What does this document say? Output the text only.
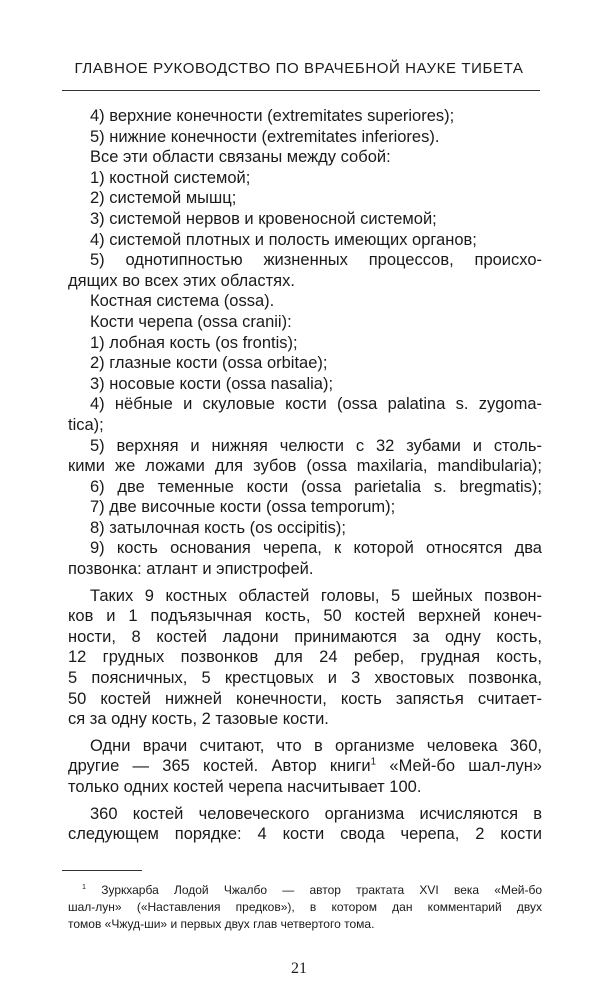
ГЛАВНОЕ РУКОВОДСТВО ПО ВРАЧЕБНОЙ НАУКЕ ТИБЕТА
4) верхние конечности (extremitates superiores);
5) нижние конечности (extremitates inferiores).
Все эти области связаны между собой:
1) костной системой;
2) системой мышц;
3) системой нервов и кровеносной системой;
4) системой плотных и полость имеющих органов;
5) однотипностью жизненных процессов, происхо-
дящих во всех этих областях.
Костная система (ossa).
Кости черепа (ossa cranii):
1) лобная кость (os frontis);
2) глазные кости (ossa orbitae);
3) носовые кости (ossa nasalia);
4) нёбные и скуловые кости (ossa palatina s. zygoma-
tica);
5) верхняя и нижняя челюсти с 32 зубами и столь-
кими же ложами для зубов (ossa maxilaria, mandibularia);
6) две теменные кости (ossa parietalia s. bregmatis);
7) две височные кости (ossa temporum);
8) затылочная кость (os occipitis);
9) кость основания черепа, к которой относятся два
позвонка: атлант и эпистрофей.
Таких 9 костных областей головы, 5 шейных позвон-
ков и 1 подъязычная кость, 50 костей верхней конеч-
ности, 8 костей ладони принимаются за одну кость,
12 грудных позвонков для 24 ребер, грудная кость,
5 поясничных, 5 крестцовых и 3 хвостовых позвонка,
50 костей нижней конечности, кость запястья считает-
ся за одну кость, 2 тазовые кости.
Одни врачи считают, что в организме человека 360,
другие — 365 костей. Автор книги$^1$ «Мей-бо шал-лун»
только одних костей черепа насчитывает 100.
360 костей человеческого организма исчисляются в
следующем порядке: 4 кости свода черепа, 2 кости
$^1$ Зуркхарба Лодой Чжалбо — автор трактата XVI века «Мей-бо
шал-лун» («Наставления предков»), в котором дан комментарий двух
томов «Чжуд-ши» и первых двух глав четвертого тома.
21
